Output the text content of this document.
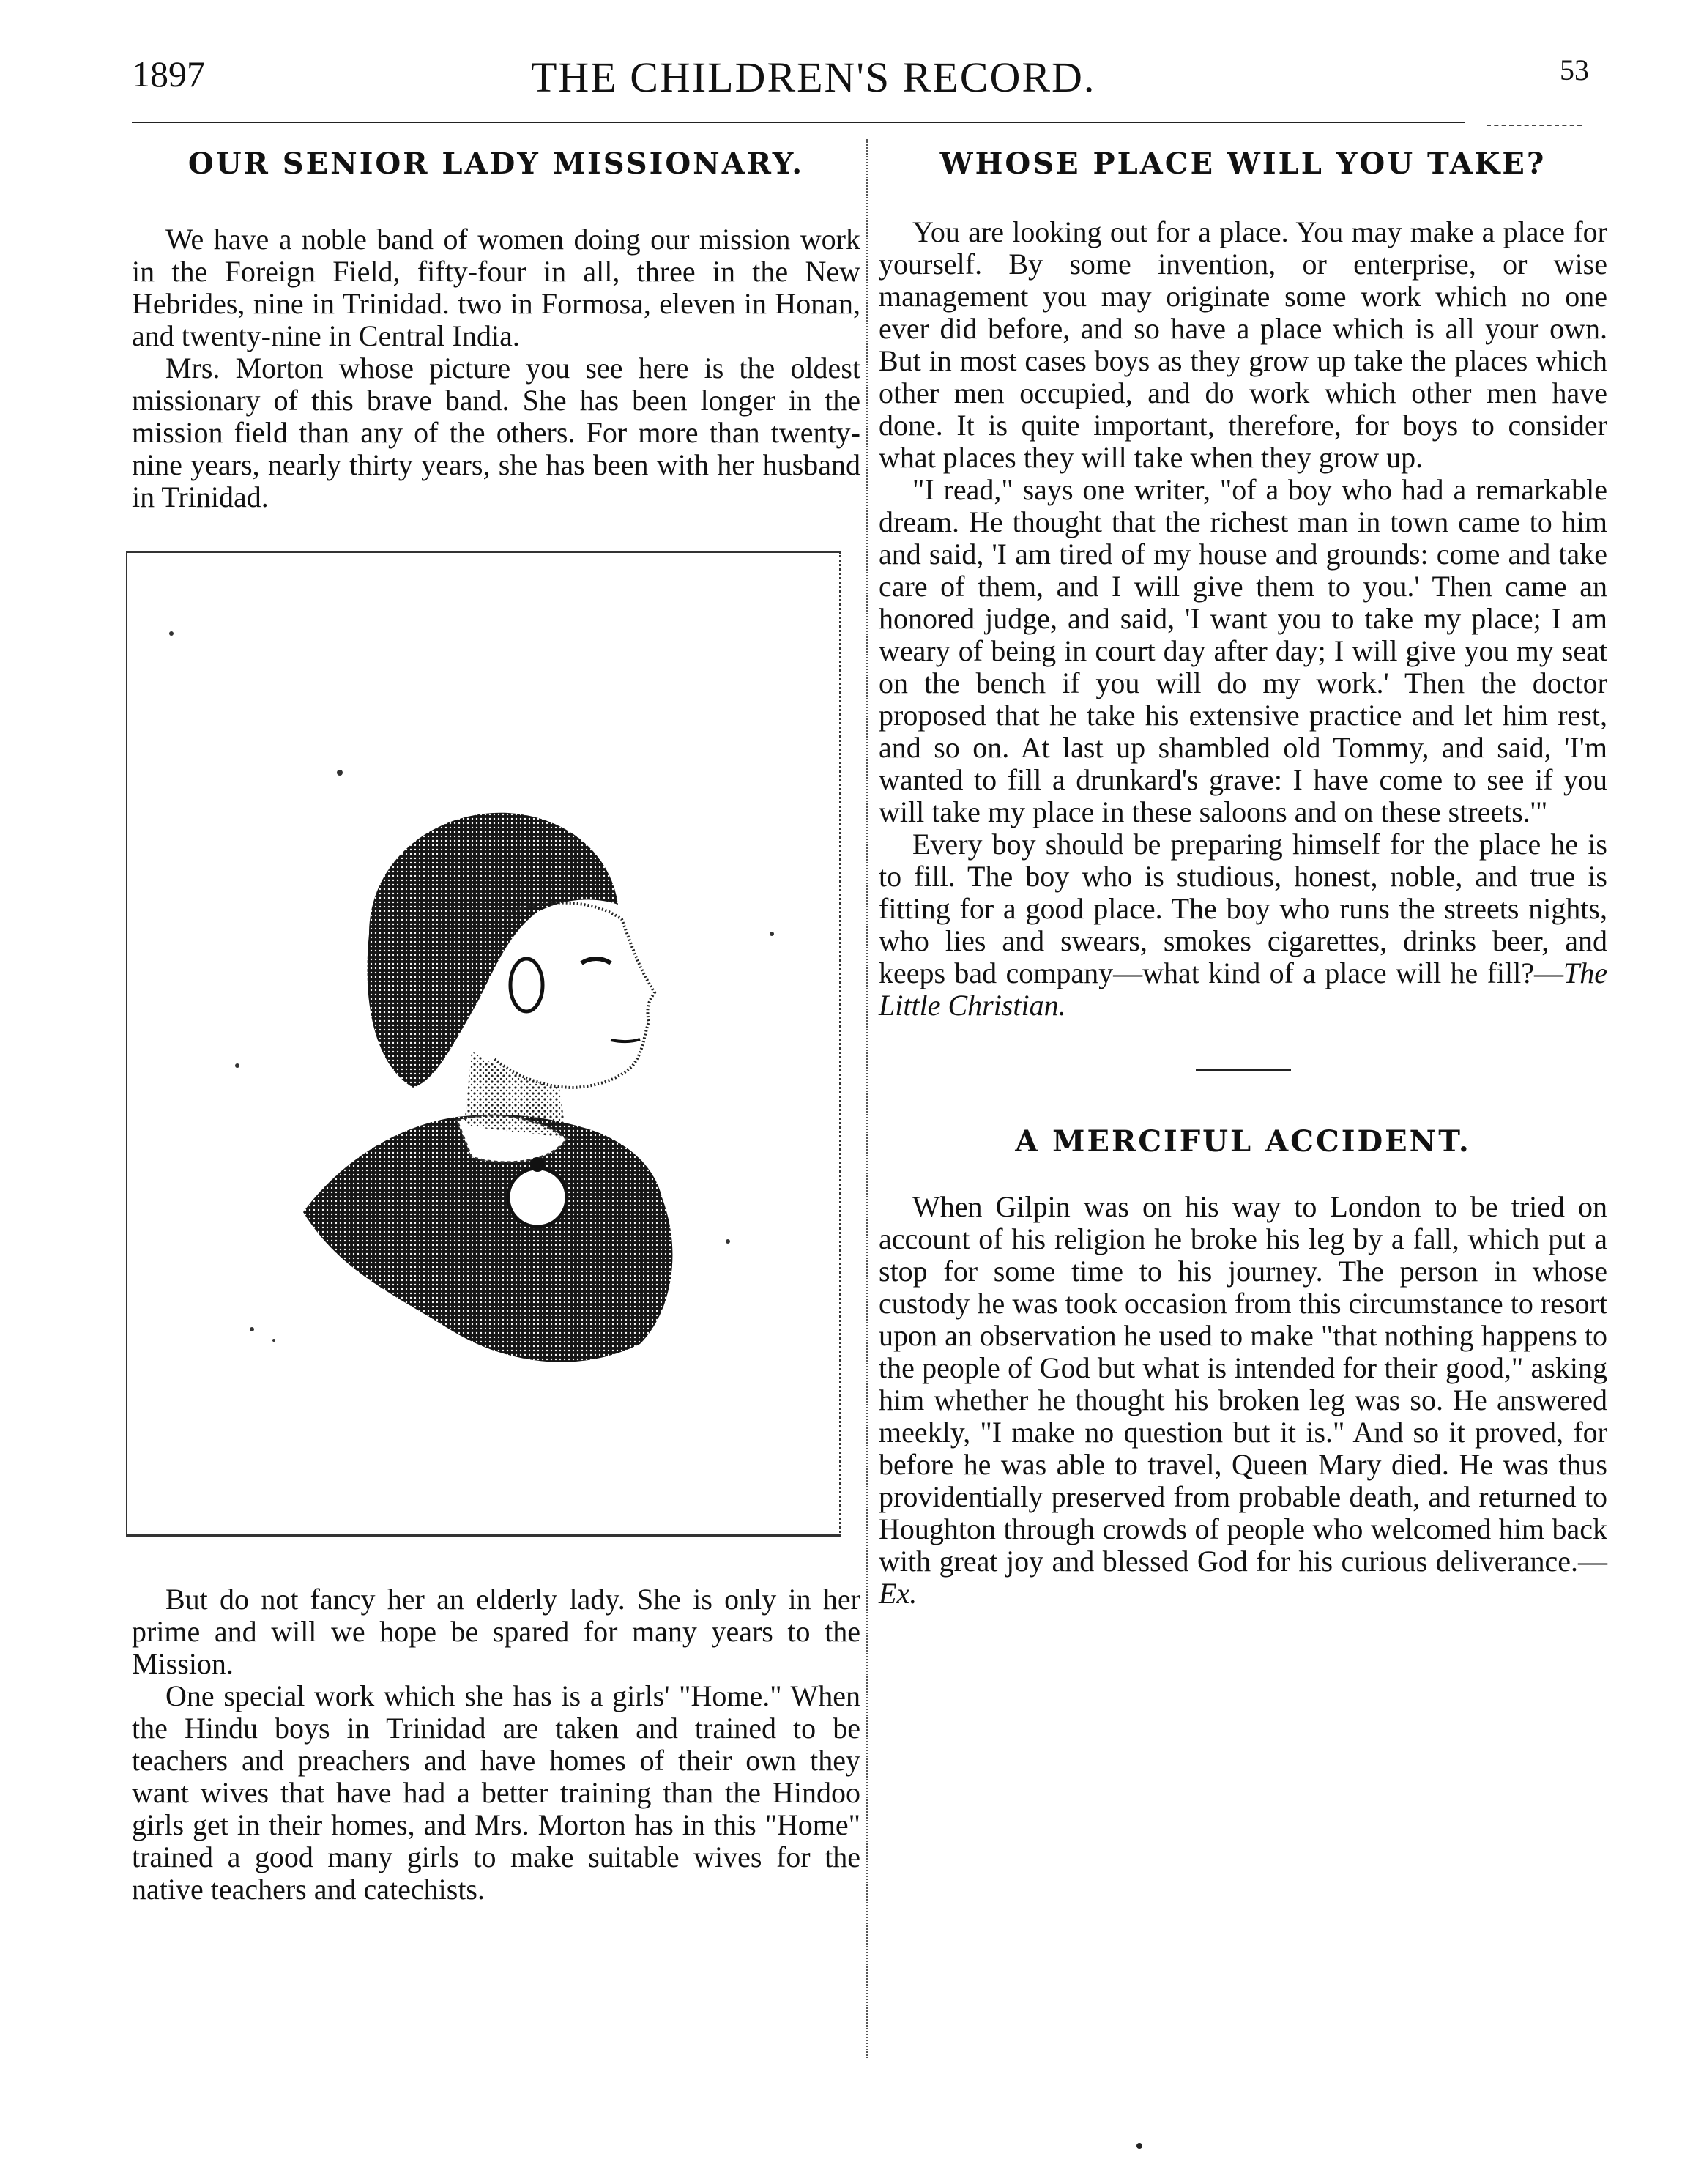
1897	THE CHILDREN'S RECORD.	53
OUR SENIOR LADY MISSIONARY.

We have a noble band of women doing our mission work in the Foreign Field, fifty-four in all, three in the New Hebrides, nine in Trinidad. two in Formosa, eleven in Honan, and twenty-nine in Central India.

Mrs. Morton whose picture you see here is the oldest missionary of this brave band. She has been longer in the mission field than any of the others. For more than twenty-nine years, nearly thirty years, she has been with her husband in Trinidad.

But do not fancy her an elderly lady. She is only in her prime and will we hope be spared for many years to the Mission.

One special work which she has is a girls' "Home." When the Hindu boys in Trinidad are taken and trained to be teachers and preachers and have homes of their own they want wives that have had a better training than the Hindoo girls get in their homes, and Mrs. Morton has in this "Home" trained a good many girls to make suitable wives for the native teachers and catechists.

WHOSE PLACE WILL YOU TAKE?

You are looking out for a place. You may make a place for yourself. By some invention, or enterprise, or wise management you may originate some work which no one ever did before, and so have a place which is all your own. But in most cases boys as they grow up take the places which other men occupied, and do work which other men have done. It is quite important, therefore, for boys to consider what places they will take when they grow up.

"I read," says one writer, "of a boy who had a remarkable dream. He thought that the richest man in town came to him and said, 'I am tired of my house and grounds: come and take care of them, and I will give them to you.' Then came an honored judge, and said, 'I want you to take my place; I am weary of being in court day after day; I will give you my seat on the bench if you will do my work.' Then the doctor proposed that he take his extensive practice and let him rest, and so on. At last up shambled old Tommy, and said, 'I'm wanted to fill a drunkard's grave: I have come to see if you will take my place in these saloons and on these streets.'"

Every boy should be preparing himself for the place he is to fill. The boy who is studious, honest, noble, and true is fitting for a good place. The boy who runs the streets nights, who lies and swears, smokes cigarettes, drinks beer, and keeps bad company—what kind of a place will he fill?—The Little Christian.

A MERCIFUL ACCIDENT.

When Gilpin was on his way to London to be tried on account of his religion he broke his leg by a fall, which put a stop for some time to his journey. The person in whose custody he was took occasion from this circumstance to resort upon an observation he used to make "that nothing happens to the people of God but what is intended for their good," asking him whether he thought his broken leg was so. He answered meekly, "I make no question but it is." And so it proved, for before he was able to travel, Queen Mary died. He was thus providentially preserved from probable death, and returned to Houghton through crowds of people who welcomed him back with great joy and blessed God for his curious deliverance.—Ex.
